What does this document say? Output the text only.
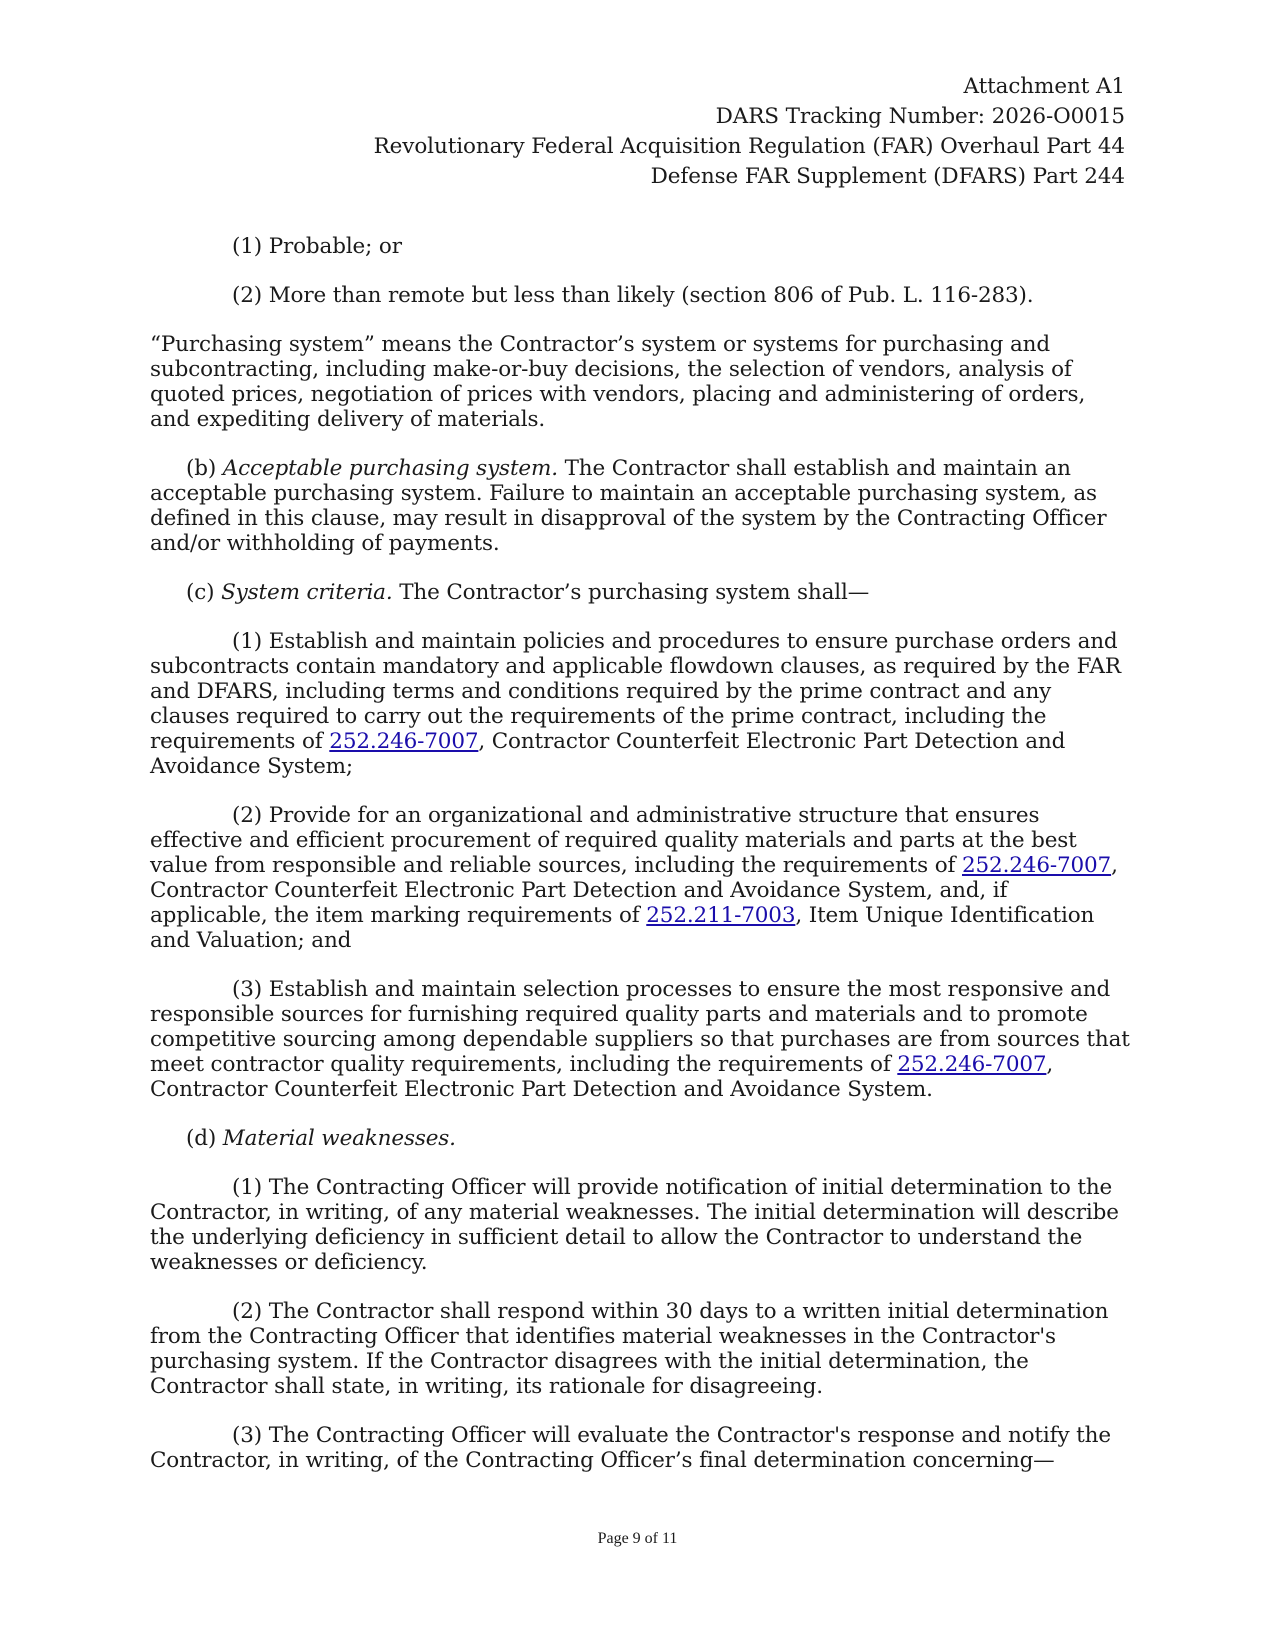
Attachment A1
DARS Tracking Number: 2026-O0015
Revolutionary Federal Acquisition Regulation (FAR) Overhaul Part 44
Defense FAR Supplement (DFARS) Part 244

(1) Probable; or

(2) More than remote but less than likely (section 806 of Pub. L. 116-283).

“Purchasing system” means the Contractor’s system or systems for purchasing and subcontracting, including make-or-buy decisions, the selection of vendors, analysis of quoted prices, negotiation of prices with vendors, placing and administering of orders, and expediting delivery of materials.

(b) Acceptable purchasing system. The Contractor shall establish and maintain an acceptable purchasing system. Failure to maintain an acceptable purchasing system, as defined in this clause, may result in disapproval of the system by the Contracting Officer and/or withholding of payments.

(c) System criteria. The Contractor’s purchasing system shall—

(1) Establish and maintain policies and procedures to ensure purchase orders and subcontracts contain mandatory and applicable flowdown clauses, as required by the FAR and DFARS, including terms and conditions required by the prime contract and any clauses required to carry out the requirements of the prime contract, including the requirements of 252.246-7007, Contractor Counterfeit Electronic Part Detection and Avoidance System;

(2) Provide for an organizational and administrative structure that ensures effective and efficient procurement of required quality materials and parts at the best value from responsible and reliable sources, including the requirements of 252.246-7007, Contractor Counterfeit Electronic Part Detection and Avoidance System, and, if applicable, the item marking requirements of 252.211-7003, Item Unique Identification and Valuation; and

(3) Establish and maintain selection processes to ensure the most responsive and responsible sources for furnishing required quality parts and materials and to promote competitive sourcing among dependable suppliers so that purchases are from sources that meet contractor quality requirements, including the requirements of 252.246-7007, Contractor Counterfeit Electronic Part Detection and Avoidance System.

(d) Material weaknesses.

(1) The Contracting Officer will provide notification of initial determination to the Contractor, in writing, of any material weaknesses. The initial determination will describe the underlying deficiency in sufficient detail to allow the Contractor to understand the weaknesses or deficiency.

(2) The Contractor shall respond within 30 days to a written initial determination from the Contracting Officer that identifies material weaknesses in the Contractor's purchasing system. If the Contractor disagrees with the initial determination, the Contractor shall state, in writing, its rationale for disagreeing.

(3) The Contracting Officer will evaluate the Contractor's response and notify the Contractor, in writing, of the Contracting Officer’s final determination concerning—

Page 9 of 11
